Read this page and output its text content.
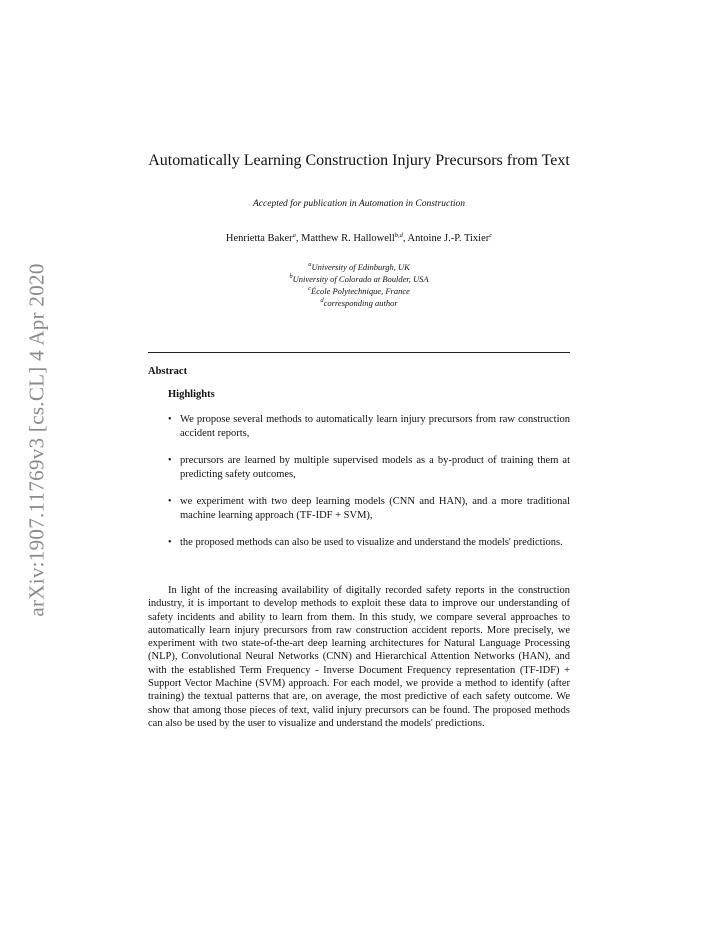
arXiv:1907.11769v3 [cs.CL] 4 Apr 2020
Automatically Learning Construction Injury Precursors from Text
Accepted for publication in Automation in Construction
Henrietta Baker$^a$, Matthew R. Hallowell$^{b,d}$, Antoine J.-P. Tixier$^c$
$^a$University of Edinburgh, UK
$^b$University of Colorado at Boulder, USA
$^c$École Polytechnique, France
$^d$corresponding author
Abstract
Highlights
• We propose several methods to automatically learn injury precursors from raw construction accident reports,
• precursors are learned by multiple supervised models as a by-product of training them at predicting safety outcomes,
• we experiment with two deep learning models (CNN and HAN), and a more traditional machine learning approach (TF-IDF + SVM),
• the proposed methods can also be used to visualize and understand the models' predictions.

In light of the increasing availability of digitally recorded safety reports in the construction industry, it is important to develop methods to exploit these data to improve our understanding of safety incidents and ability to learn from them. In this study, we compare several approaches to automatically learn injury precursors from raw construction accident reports. More precisely, we experiment with two state-of-the-art deep learning architectures for Natural Language Processing (NLP), Convolutional Neural Networks (CNN) and Hierarchical Attention Networks (HAN), and with the established Term Frequency - Inverse Document Frequency representation (TF-IDF) + Support Vector Machine (SVM) approach. For each model, we provide a method to identify (after training) the textual patterns that are, on average, the most predictive of each safety outcome. We show that among those pieces of text, valid injury precursors can be found. The proposed methods can also be used by the user to visualize and understand the models' predictions.
